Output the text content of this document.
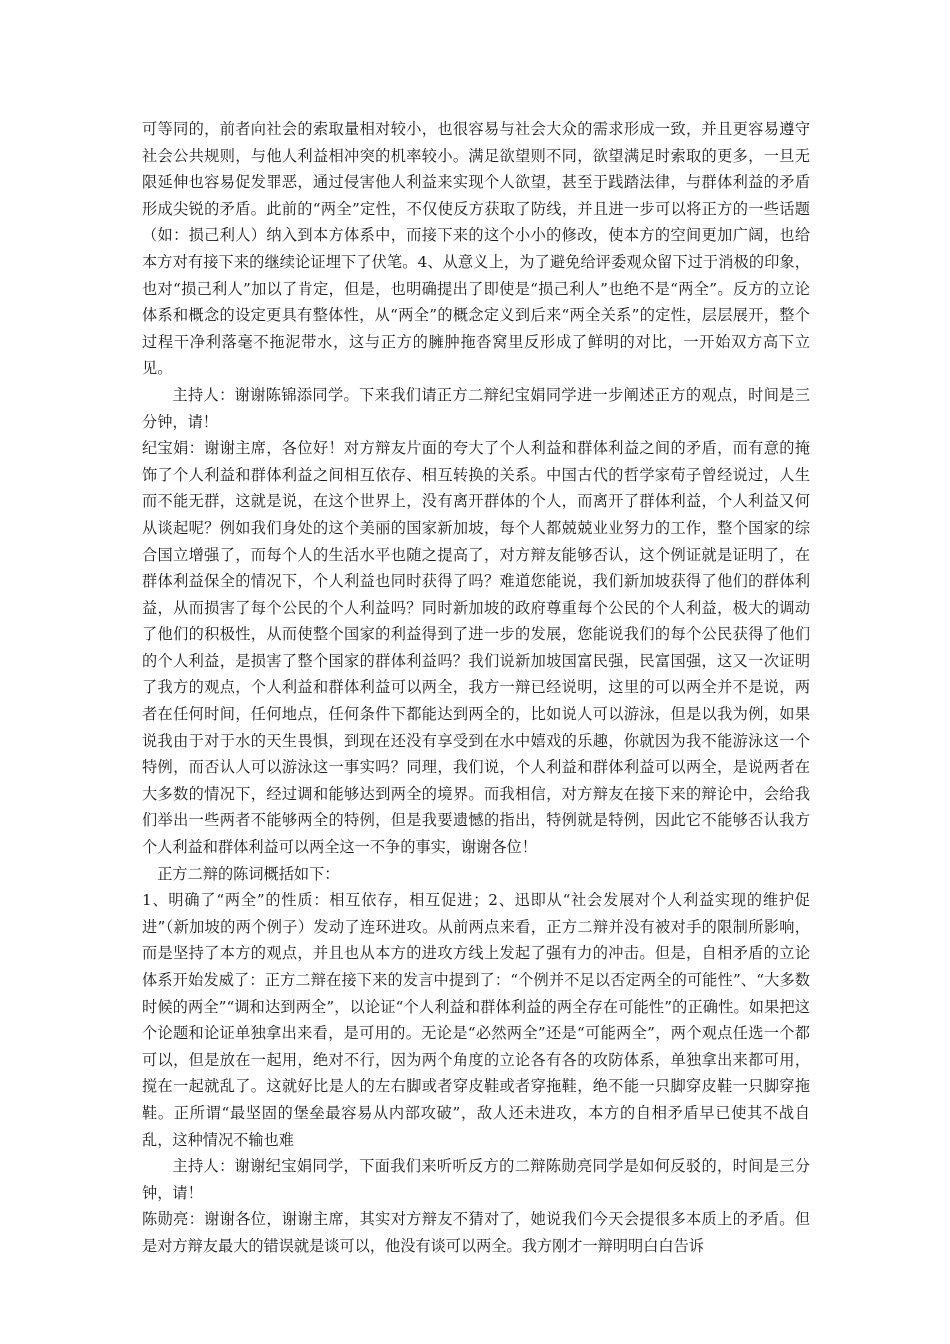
可等同的，前者向社会的索取量相对较小，也很容易与社会大众的需求形成一致，并且更容易遵守社会公共规则，与他人利益相冲突的机率较小。满足欲望则不同，欲望满足时索取的更多，一旦无限延伸也容易促发罪恶，通过侵害他人利益来实现个人欲望，甚至于践踏法律，与群体利益的矛盾形成尖锐的矛盾。此前的“两全”定性，不仅使反方获取了防线，并且进一步可以将正方的一些话题（如：损己利人）纳入到本方体系中，而接下来的这个小小的修改，使本方的空间更加广阔，也给本方对有接下来的继续论证埋下了伏笔。4、从意义上，为了避免给评委观众留下过于消极的印象，也对“损己利人”加以了肯定，但是，也明确提出了即使是“损己利人”也绝不是“两全”。反方的立论体系和概念的设定更具有整体性，从“两全”的概念定义到后来“两全关系”的定性，层层展开，整个过程干净利落毫不拖泥带水，这与正方的臃肿拖沓窝里反形成了鲜明的对比，一开始双方高下立见。

主持人：谢谢陈锦添同学。下来我们请正方二辩纪宝娟同学进一步阐述正方的观点，时间是三分钟，请！

纪宝娟：谢谢主席，各位好！对方辩友片面的夸大了个人利益和群体利益之间的矛盾，而有意的掩饰了个人利益和群体利益之间相互依存、相互转换的关系。中国古代的哲学家荀子曾经说过，人生而不能无群，这就是说，在这个世界上，没有离开群体的个人，而离开了群体利益，个人利益又何从谈起呢？例如我们身处的这个美丽的国家新加坡，每个人都兢兢业业努力的工作，整个国家的综合国立增强了，而每个人的生活水平也随之提高了，对方辩友能够否认，这个例证就是证明了，在群体利益保全的情况下，个人利益也同时获得了吗？难道您能说，我们新加坡获得了他们的群体利益，从而损害了每个公民的个人利益吗？同时新加坡的政府尊重每个公民的个人利益，极大的调动了他们的积极性，从而使整个国家的利益得到了进一步的发展，您能说我们的每个公民获得了他们的个人利益，是损害了整个国家的群体利益吗？我们说新加坡国富民强，民富国强，这又一次证明了我方的观点，个人利益和群体利益可以两全，我方一辩已经说明，这里的可以两全并不是说，两者在任何时间，任何地点，任何条件下都能达到两全的，比如说人可以游泳，但是以我为例，如果说我由于对于水的天生畏惧，到现在还没有享受到在水中嬉戏的乐趣，你就因为我不能游泳这一个特例，而否认人可以游泳这一事实吗？同理，我们说，个人利益和群体利益可以两全，是说两者在大多数的情况下，经过调和能够达到两全的境界。而我相信，对方辩友在接下来的辩论中，会给我们举出一些两者不能够两全的特例，但是我要遗憾的指出，特例就是特例，因此它不能够否认我方个人利益和群体利益可以两全这一不争的事实，谢谢各位！

正方二辩的陈词概括如下：

1、明确了“两全”的性质：相互依存，相互促进；2、迅即从“社会发展对个人利益实现的维护促进”（新加坡的两个例子）发动了连环进攻。从前两点来看，正方二辩并没有被对手的限制所影响，而是坚持了本方的观点，并且也从本方的进攻方线上发起了强有力的冲击。但是，自相矛盾的立论体系开始发威了：正方二辩在接下来的发言中提到了：“个例并不足以否定两全的可能性”、“大多数时候的两全”“调和达到两全”，以论证“个人利益和群体利益的两全存在可能性”的正确性。如果把这个论题和论证单独拿出来看，是可用的。无论是“必然两全”还是“可能两全”，两个观点任选一个都可以，但是放在一起用，绝对不行，因为两个角度的立论各有各的攻防体系，单独拿出来都可用，搅在一起就乱了。这就好比是人的左右脚或者穿皮鞋或者穿拖鞋，绝不能一只脚穿皮鞋一只脚穿拖鞋。正所谓“最坚固的堡垒最容易从内部攻破”，敌人还未进攻，本方的自相矛盾早已使其不战自乱，这种情况不输也难

主持人：谢谢纪宝娟同学，下面我们来听听反方的二辩陈勋亮同学是如何反驳的，时间是三分钟，请！

陈勋亮：谢谢各位，谢谢主席，其实对方辩友不猜对了，她说我们今天会提很多本质上的矛盾。但是对方辩友最大的错误就是谈可以，他没有谈可以两全。我方刚才一辩明明白白告诉
